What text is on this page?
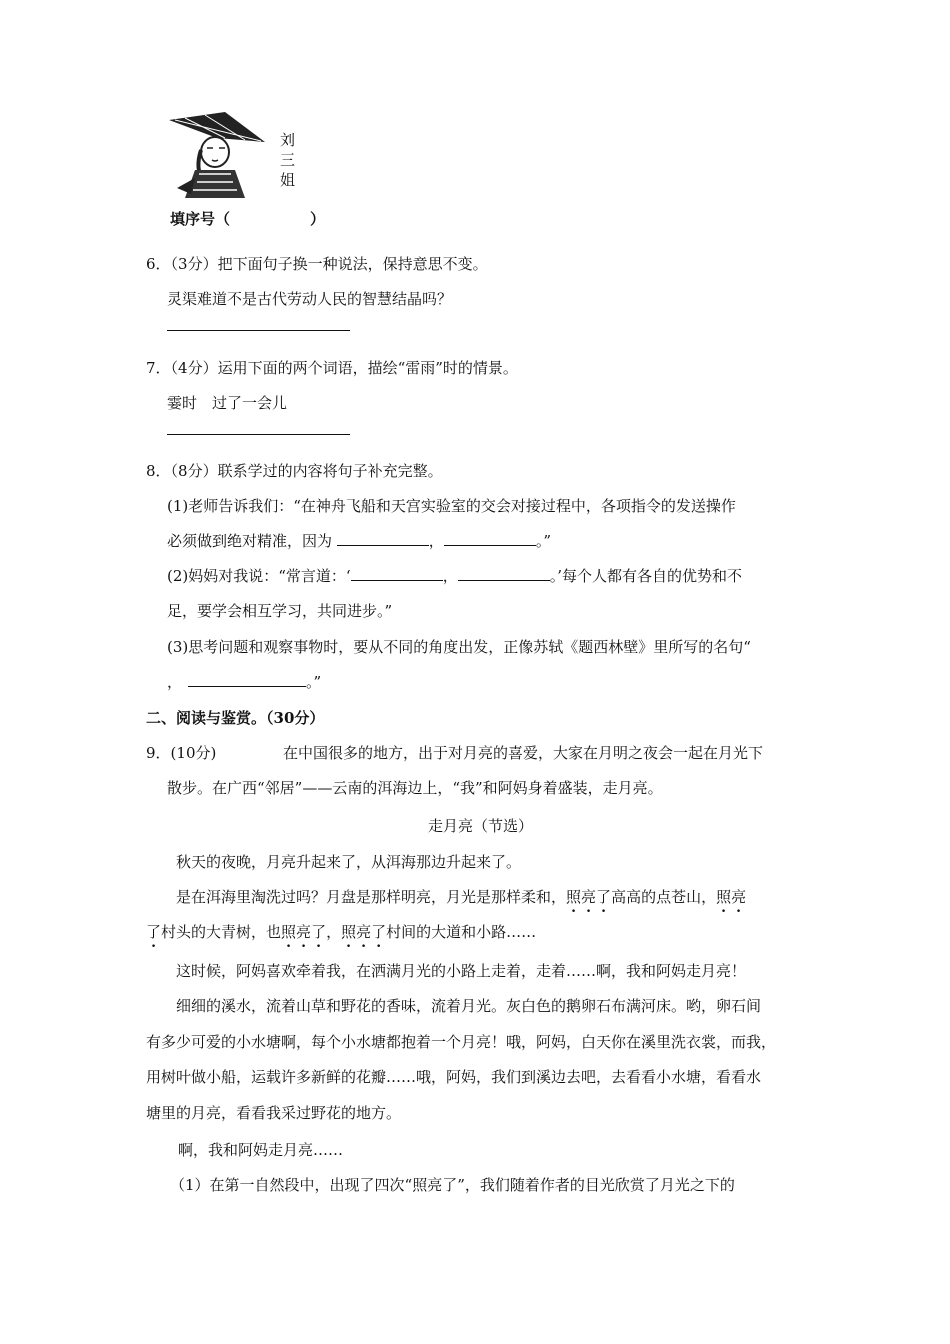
刘三姐
填序号（	）
6．（3分）把下面句子换一种说法，保持意思不变。
灵渠难道不是古代劳动人民的智慧结晶吗？
7．（4分）运用下面的两个词语，描绘“雷雨”时的情景。
霎时　过了一会儿
8．（8分）联系学过的内容将句子补充完整。
(1)老师告诉我们：“在神舟飞船和天宫实验室的交会对接过程中，各项指令的发送操作
必须做到绝对精准，因为	，	。”
(2)妈妈对我说：“常言道：‘	，	。’每个人都有各自的优势和不
足，要学会相互学习，共同进步。”
(3)思考问题和观察事物时，要从不同的角度出发，正像苏轼《题西林壁》里所写的名句“
，	。”
二、阅读与鉴赏。（30分）
9．(10分)	在中国很多的地方，出于对月亮的喜爱，大家在月明之夜会一起在月光下
散步。在广西“邻居”——云南的洱海边上，“我”和阿妈身着盛装，走月亮。
走月亮（节选）
秋天的夜晚，月亮升起来了，从洱海那边升起来了。
是在洱海里淘洗过吗？月盘是那样明亮，月光是那样柔和，照亮了高高的点苍山，照亮
了村头的大青树，也照亮了，照亮了村间的大道和小路……
这时候，阿妈喜欢牵着我，在洒满月光的小路上走着，走着……啊，我和阿妈走月亮！
细细的溪水，流着山草和野花的香味，流着月光。灰白色的鹅卵石布满河床。哟，卵石间
有多少可爱的小水塘啊，每个小水塘都抱着一个月亮！哦，阿妈，白天你在溪里洗衣裳，而我，
用树叶做小船，运载许多新鲜的花瓣……哦，阿妈，我们到溪边去吧，去看看小水塘，看看水
塘里的月亮，看看我采过野花的地方。
啊，我和阿妈走月亮……
（1）在第一自然段中，出现了四次“照亮了”，我们随着作者的目光欣赏了月光之下的
